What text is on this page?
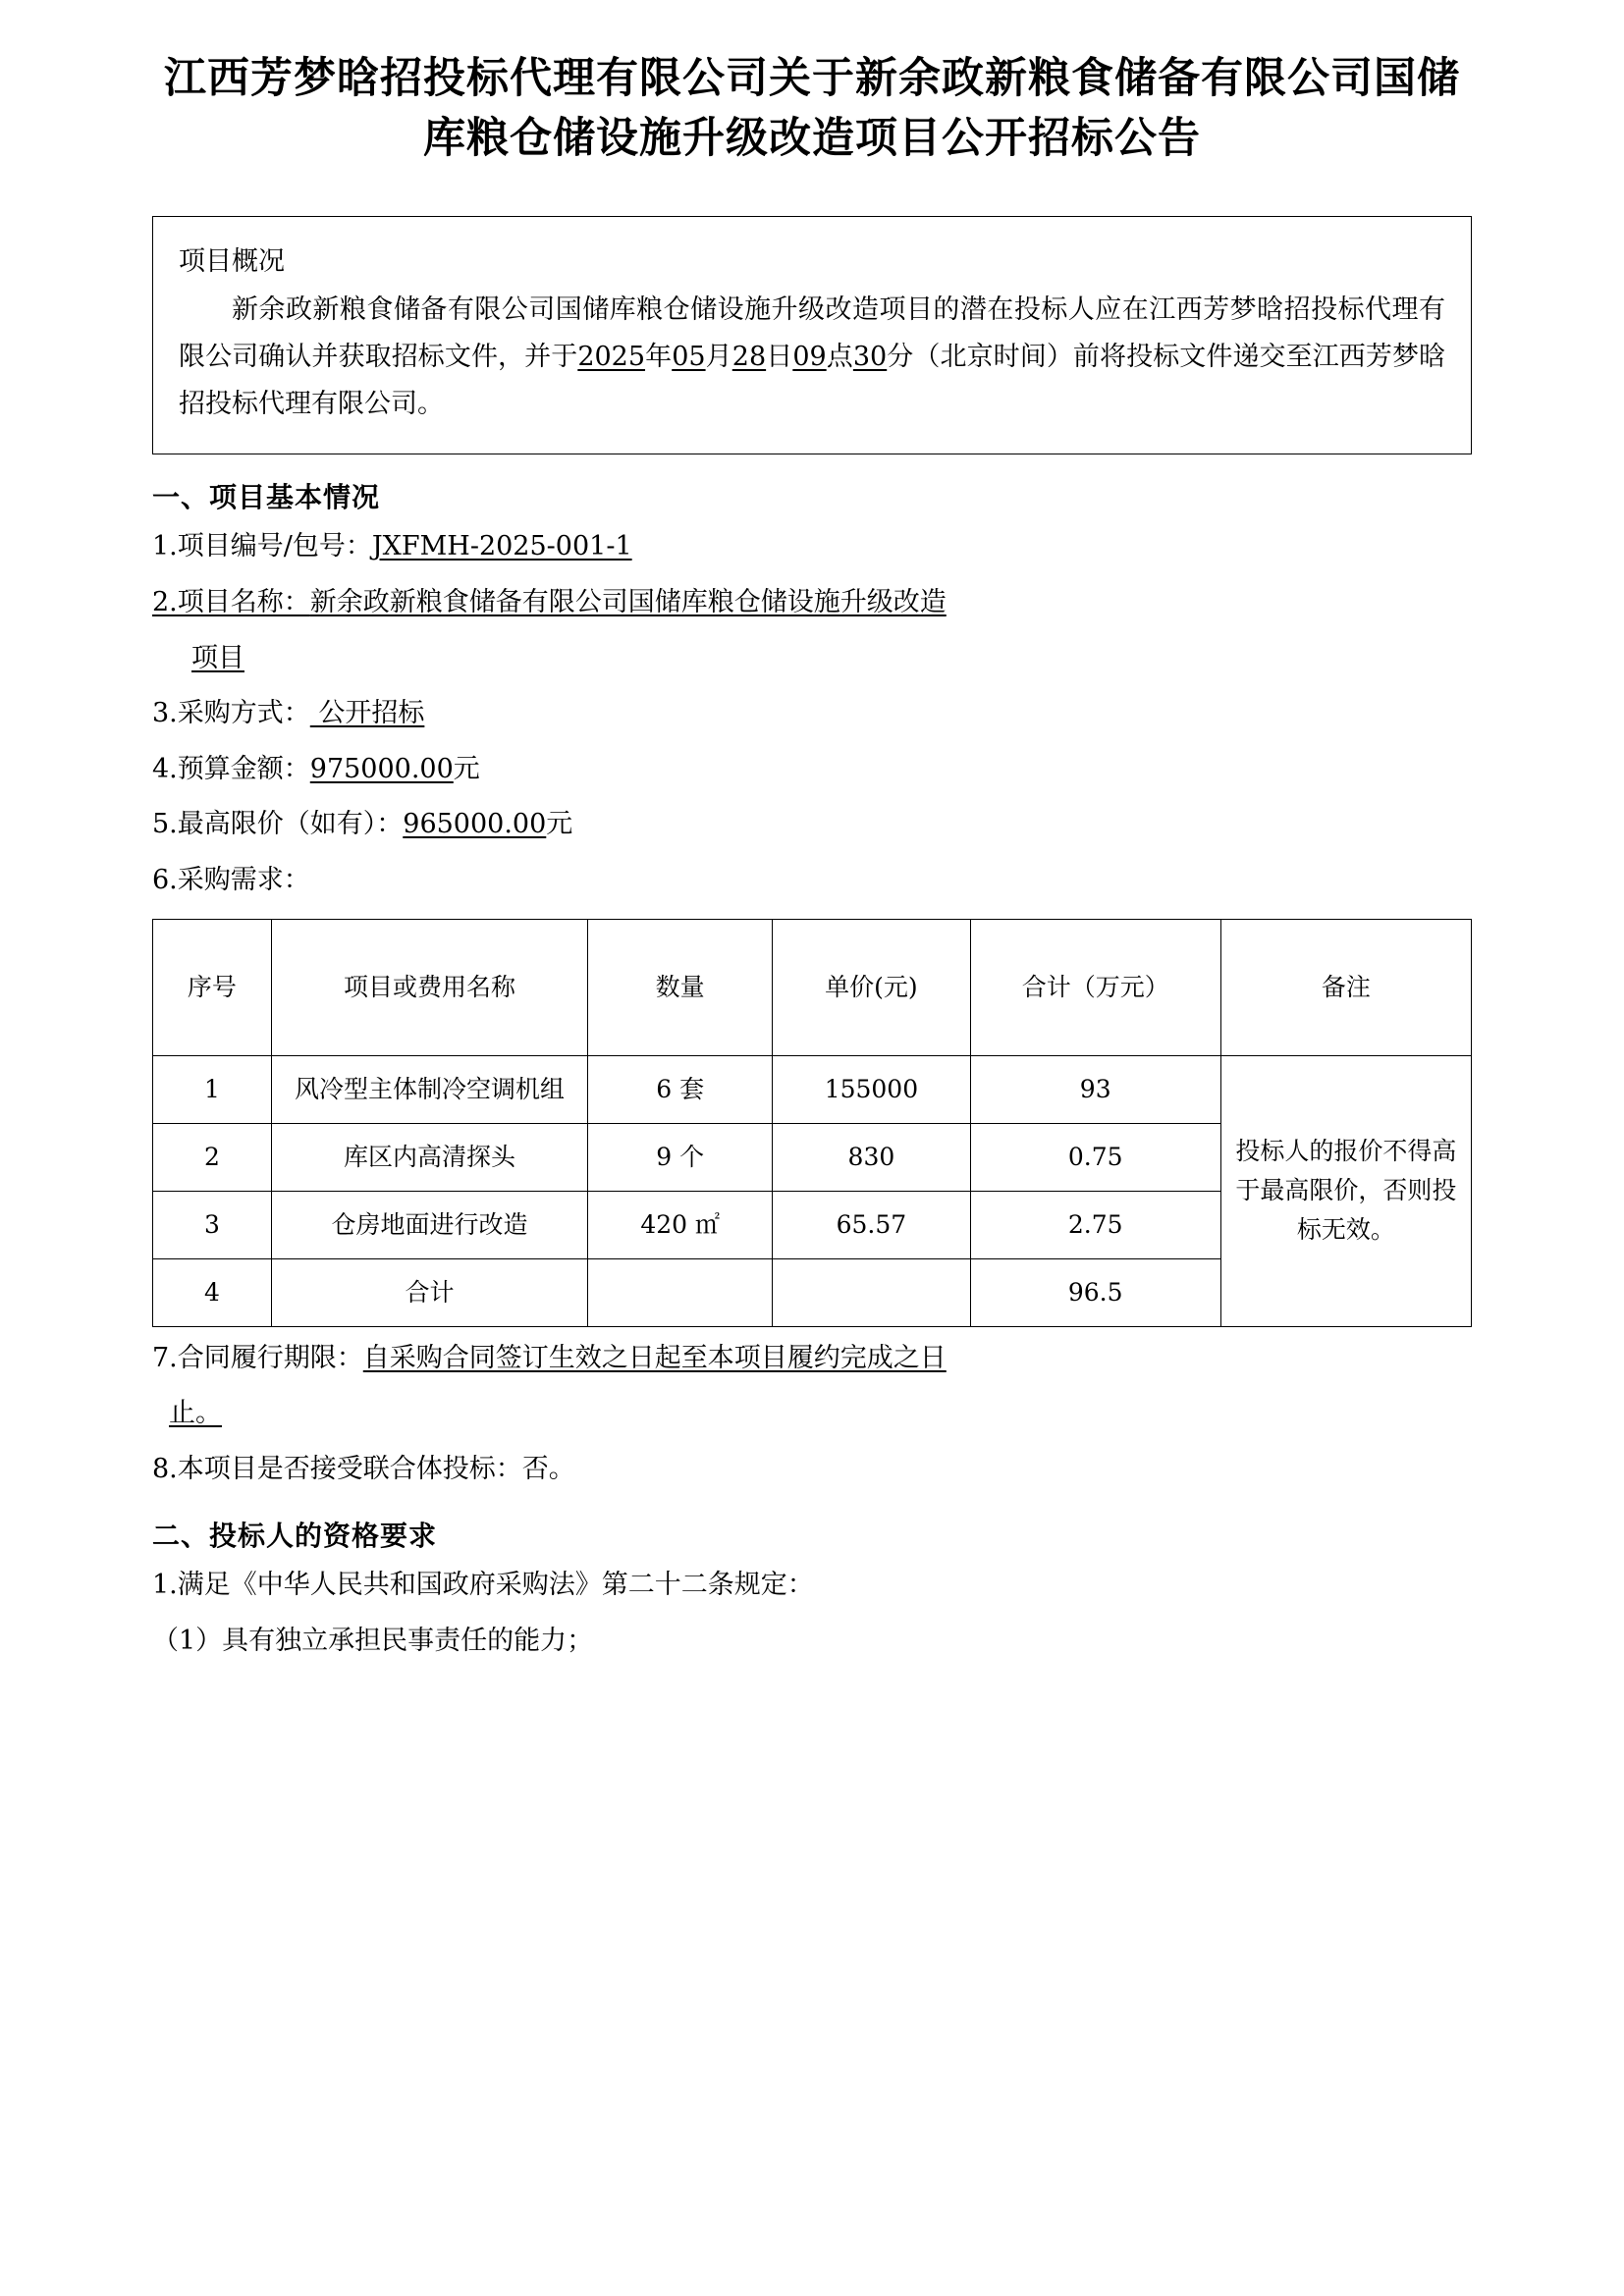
江西芳梦晗招投标代理有限公司关于新余政新粮食储备有限公司国储库粮仓储设施升级改造项目公开招标公告
项目概况
新余政新粮食储备有限公司国储库粮仓储设施升级改造项目的潜在投标人应在江西芳梦晗招投标代理有限公司确认并获取招标文件，并于2025年05月28日09点30分（北京时间）前将投标文件递交至江西芳梦晗招投标代理有限公司。
一、项目基本情况
1.项目编号/包号：JXFMH-2025-001-1
2.项目名称：新余政新粮食储备有限公司国储库粮仓储设施升级改造
项目
3.采购方式： 公开招标
4.预算金额：975000.00元
5.最高限价（如有）：965000.00元
6.采购需求：
序号	项目或费用名称	数量	单价(元)	合计（万元）	备注
1	风冷型主体制冷空调机组	6 套	155000	93	投标人的报价不得高于最高限价，否则投标无效。
2	库区内高清探头	9 个	830	0.75	
3	仓房地面进行改造	420 ㎡	65.57	2.75	
4	合计			96.5	
7.合同履行期限：自采购合同签订生效之日起至本项目履约完成之日
止。
8.本项目是否接受联合体投标：否。
二、投标人的资格要求
1.满足《中华人民共和国政府采购法》第二十二条规定：
（1）具有独立承担民事责任的能力；
